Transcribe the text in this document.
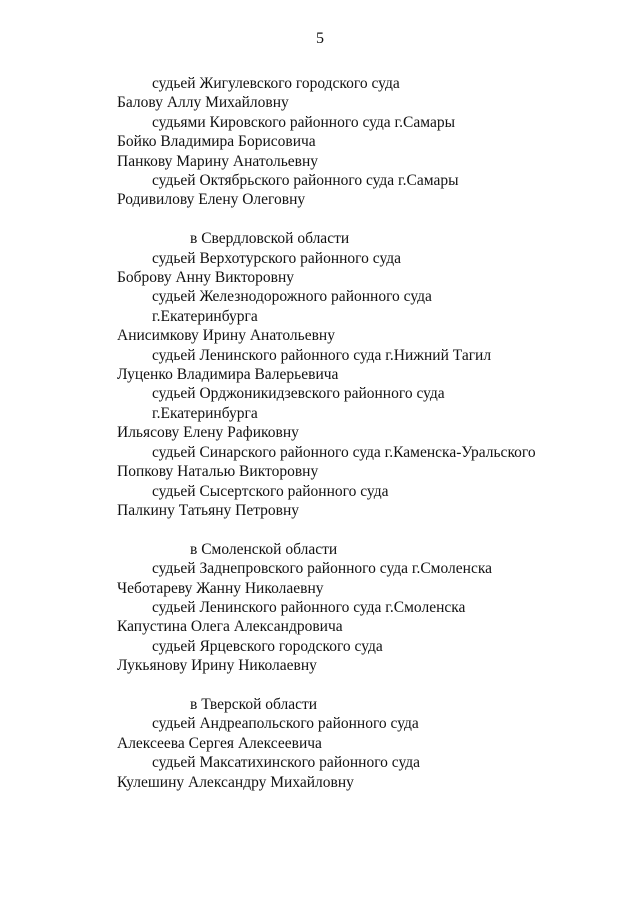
5
судьей Жигулевского городского суда
Балову Аллу Михайловну
судьями Кировского районного суда г.Самары
Бойко Владимира Борисовича
Панкову Марину Анатольевну
судьей Октябрьского районного суда г.Самары
Родивилову Елену Олеговну
в Свердловской области
судьей Верхотурского районного суда
Боброву Анну Викторовну
судьей Железнодорожного районного суда
г.Екатеринбурга
Анисимкову Ирину Анатольевну
судьей Ленинского районного суда г.Нижний Тагил
Луценко Владимира Валерьевича
судьей Орджоникидзевского районного суда
г.Екатеринбурга
Ильясову Елену Рафиковну
судьей Синарского районного суда г.Каменска-Уральского
Попкову Наталью Викторовну
судьей Сысертского районного суда
Палкину Татьяну Петровну
в Смоленской области
судьей Заднепровского районного суда г.Смоленска
Чеботареву Жанну Николаевну
судьей Ленинского районного суда г.Смоленска
Капустина Олега Александровича
судьей Ярцевского городского суда
Лукьянову Ирину Николаевну
в Тверской области
судьей Андреапольского районного суда
Алексеева Сергея Алексеевича
судьей Максатихинского районного суда
Кулешину Александру Михайловну
